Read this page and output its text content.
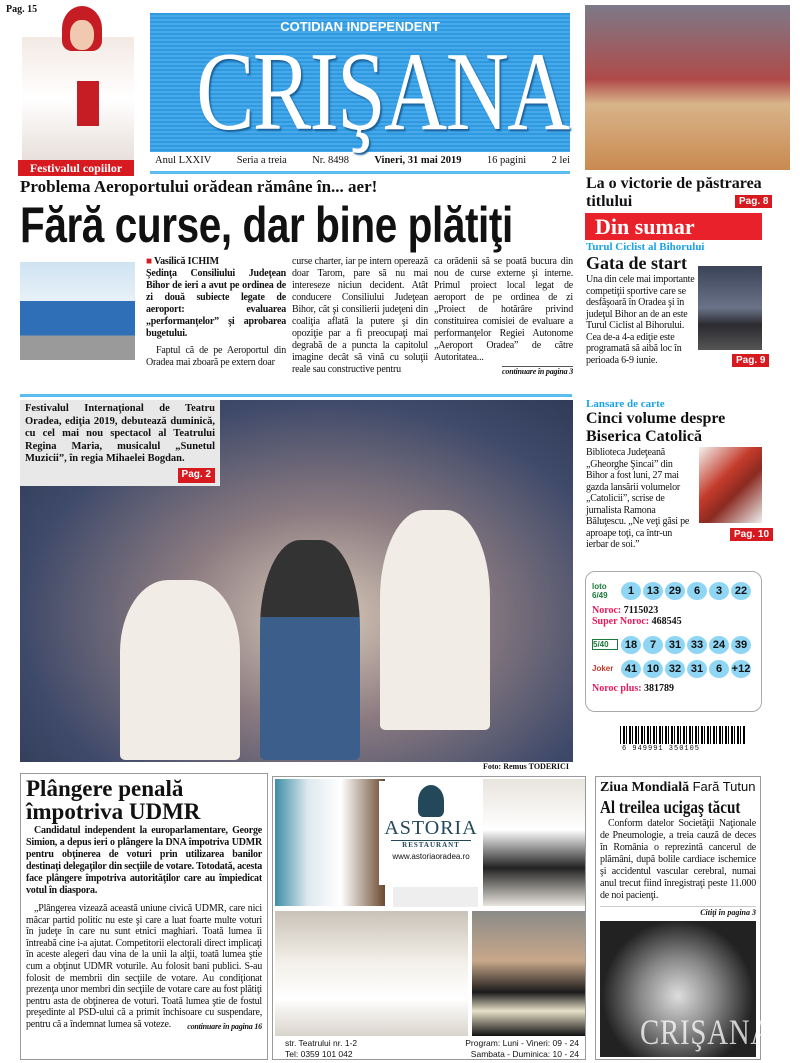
Pag. 15
Festivalul copiilor
COTIDIAN INDEPENDENT
CRIŞANA
Anul LXXIV Seria a treia Nr. 8498 Vineri, 31 mai 2019 16 pagini 2 lei
Problema Aeroportului orădean rămâne în... aer!
Fără curse, dar bine plătiţi
■ Vasilică ICHIM
Şedinţa Consiliului Judeţean Bihor de ieri a avut pe ordinea de zi două subiecte legate de aeroport: evaluarea „performanţelor” şi aprobarea bugetului.
Faptul că de pe Aeroportul din Oradea mai zboară pe extern doar
curse charter, iar pe intern operează doar Tarom, pare să nu mai intereseze niciun decident. Atât conducere Consiliului Judeţean Bihor, cât şi consilierii judeţeni din coaliţia aflată la putere şi din opoziţie par a fi preocupaţi mai degrabă de a puncta la capitolul imagine decât să vină cu soluţii reale sau constructive pentru
ca orădenii să se poată bucura din nou de curse externe şi interne. Primul proiect local legat de aeroport de pe ordinea de zi „Proiect de hotărâre privind constituirea comisiei de evaluare a performanţelor Regiei Autonome „Aeroport Oradea” de către Autoritatea...
continuare în pagina 3
Festivalul Internaţional de Teatru Oradea, ediţia 2019, debutează duminică, cu cel mai nou spectacol al Teatrului Regina Maria, musicalul „Sunetul Muzicii”, în regia Mihaelei Bogdan.
Pag. 2
Foto: Remus TODERICI
La o victorie de păstrarea titlului	Pag. 8
Din sumar
Turul Ciclist al Bihorului
Gata de start
Una din cele mai importante competiţii sportive care se desfăşoară în Oradea şi în judeţul Bihor an de an este Turul Ciclist al Bihorului. Cea de-a 4-a ediţie este programată să aibă loc în perioada 6-9 iunie.	Pag. 9
Lansare de carte
Cinci volume despre Biserica Catolică
Biblioteca Judeţeană „Gheorghe Şincai” din Bihor a fost luni, 27 mai gazda lansării volumelor „Catolicii”, scrise de jurnalista Ramona Băluţescu. „Ne veţi găsi pe aproape toţi, ca într-un ierbar de soi.”
Pag. 10
loto 6/49	1 13 29 6 3 22
Noroc: 7115023
Super Noroc: 468545
5/40	18 7 31 33 24 39
Joker	41 10 32 31 6 +12
Noroc plus: 381789
6 949991 350105
Plângere penală împotriva UDMR
Candidatul independent la europarlamentare, George Simion, a depus ieri o plângere la DNA împotriva UDMR pentru obţinerea de voturi prin utilizarea banilor destinaţi delegaţilor din secţiile de votare. Totodată, acesta face plângere împotriva autorităţilor care au împiedicat votul în diaspora.
„Plângerea vizează această uniune civică UDMR, care nici măcar partid politic nu este şi care a luat foarte multe voturi în judeţe în care nu sunt etnici maghiari. Toată lumea îi întreabă cine i-a ajutat. Competitorii electorali direct implicaţi în aceste alegeri dau vina de la unii la alţii, toată lumea ştie cum a obţinut UDMR voturile. Au folosit bani publici. S-au folosit de membrii din secţiile de votare. Au condiţionat prezenţa unor membri din secţiile de votare care au fost plătiţi pentru asta de obţinerea de voturi. Toată lumea ştie de fostul preşedinte al PSD-ului că a primit închisoare cu suspendare, pentru că a îndemnat lumea să voteze.	continuare în pagina 16
ASTORIA
RESTAURANT
www.astoriaoradea.ro
str. Teatrului nr. 1-2
Tel: 0359 101 042
Program: Luni - Vineri: 09 - 24
Sambata - Duminica: 10 - 24
Ziua Mondială Fară Tutun
Al treilea ucigaş tăcut
Conform datelor Societăţii Naţionale de Pneumologie, a treia cauză de deces în România o reprezintă cancerul de plămâni, după bolile cardiace ischemice şi accidentul vascular cerebral, numai anul trecut fiind înregistraţi peste 11.000 de noi pacienţi.
Citiţi în pagina 3
CRIŞANA
